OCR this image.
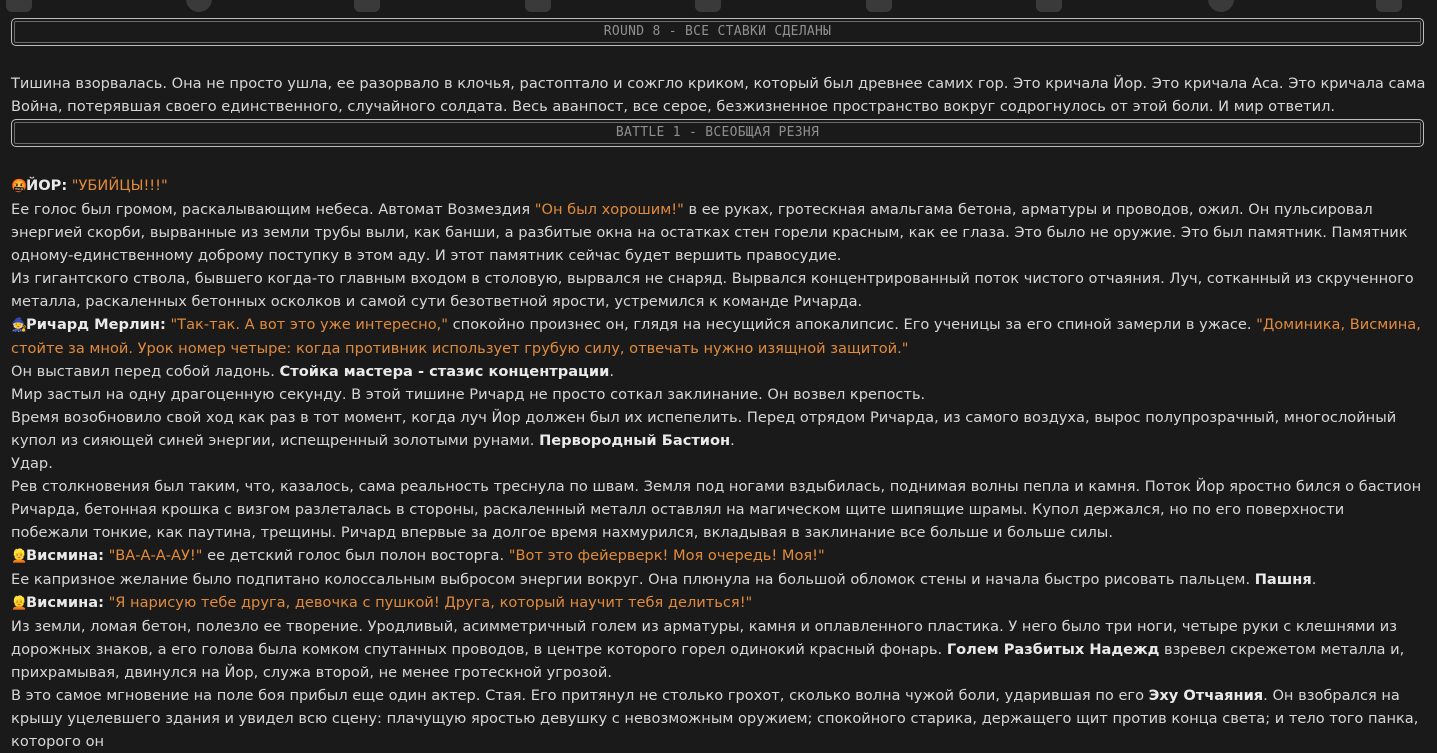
ROUND 8 - ВСЕ СТАВКИ СДЕЛАНЫ
Тишина взорвалась. Она не просто ушла, ее разорвало в клочья, растоптало и сожгло криком, который был древнее самих гор. Это кричала Йор. Это кричала Аса. Это кричала сама Война, потерявшая своего единственного, случайного солдата. Весь аванпост, все серое, безжизненное пространство вокруг содрогнулось от этой боли. И мир ответил.
BATTLE 1 - ВСЕОБЩАЯ РЕЗНЯ

🤬ЙОР: "УБИЙЦЫ!!!"

Ее голос был громом, раскалывающим небеса. Автомат Возмездия "Он был хорошим!" в ее руках, гротескная амальгама бетона, арматуры и проводов, ожил. Он пульсировал энергией скорби, вырванные из земли трубы выли, как банши, а разбитые окна на остатках стен горели красным, как ее глаза. Это было не оружие. Это был памятник. Памятник одному-единственному доброму поступку в этом аду. И этот памятник сейчас будет вершить правосудие.

Из гигантского ствола, бывшего когда-то главным входом в столовую, вырвался не снаряд. Вырвался концентрированный поток чистого отчаяния. Луч, сотканный из скрученного металла, раскаленных бетонных осколков и самой сути безответной ярости, устремился к команде Ричарда.

🧙Ричард Мерлин: "Так-так. А вот это уже интересно," спокойно произнес он, глядя на несущийся апокалипсис. Его ученицы за его спиной замерли в ужасе. "Доминика, Висмина, стойте за мной. Урок номер четыре: когда противник использует грубую силу, отвечать нужно изящной защитой."

Он выставил перед собой ладонь. Стойка мастера - стазис концентрации.

Мир застыл на одну драгоценную секунду. В этой тишине Ричард не просто соткал заклинание. Он возвел крепость.

Время возобновило свой ход как раз в тот момент, когда луч Йор должен был их испепелить. Перед отрядом Ричарда, из самого воздуха, вырос полупрозрачный, многослойный купол из сияющей синей энергии, испещренный золотыми рунами. Первородный Бастион.

Удар.

Рев столкновения был таким, что, казалось, сама реальность треснула по швам. Земля под ногами вздыбилась, поднимая волны пепла и камня. Поток Йор яростно бился о бастион Ричарда, бетонная крошка с визгом разлеталась в стороны, раскаленный металл оставлял на магическом щите шипящие шрамы. Купол держался, но по его поверхности побежали тонкие, как паутина, трещины. Ричард впервые за долгое время нахмурился, вкладывая в заклинание все больше и больше силы.

👱Висмина: "ВА-А-А-АУ!" ее детский голос был полон восторга. "Вот это фейерверк! Моя очередь! Моя!"

Ее капризное желание было подпитано колоссальным выбросом энергии вокруг. Она плюнула на большой обломок стены и начала быстро рисовать пальцем. Пашня.

👱Висмина: "Я нарисую тебе друга, девочка с пушкой! Друга, который научит тебя делиться!"

Из земли, ломая бетон, полезло ее творение. Уродливый, асимметричный голем из арматуры, камня и оплавленного пластика. У него было три ноги, четыре руки с клешнями из дорожных знаков, а его голова была комком спутанных проводов, в центре которого горел одинокий красный фонарь. Голем Разбитых Надежд взревел скрежетом металла и, прихрамывая, двинулся на Йор, служа второй, не менее гротескной угрозой.

В это самое мгновение на поле боя прибыл еще один актер. Стая. Его притянул не столько грохот, сколько волна чужой боли, ударившая по его Эху Отчаяния. Он взобрался на крышу уцелевшего здания и увидел всю сцену: плачущую яростью девушку с невозможным оружием; спокойного старика, держащего щит против конца света; и тело того панка, которого он
